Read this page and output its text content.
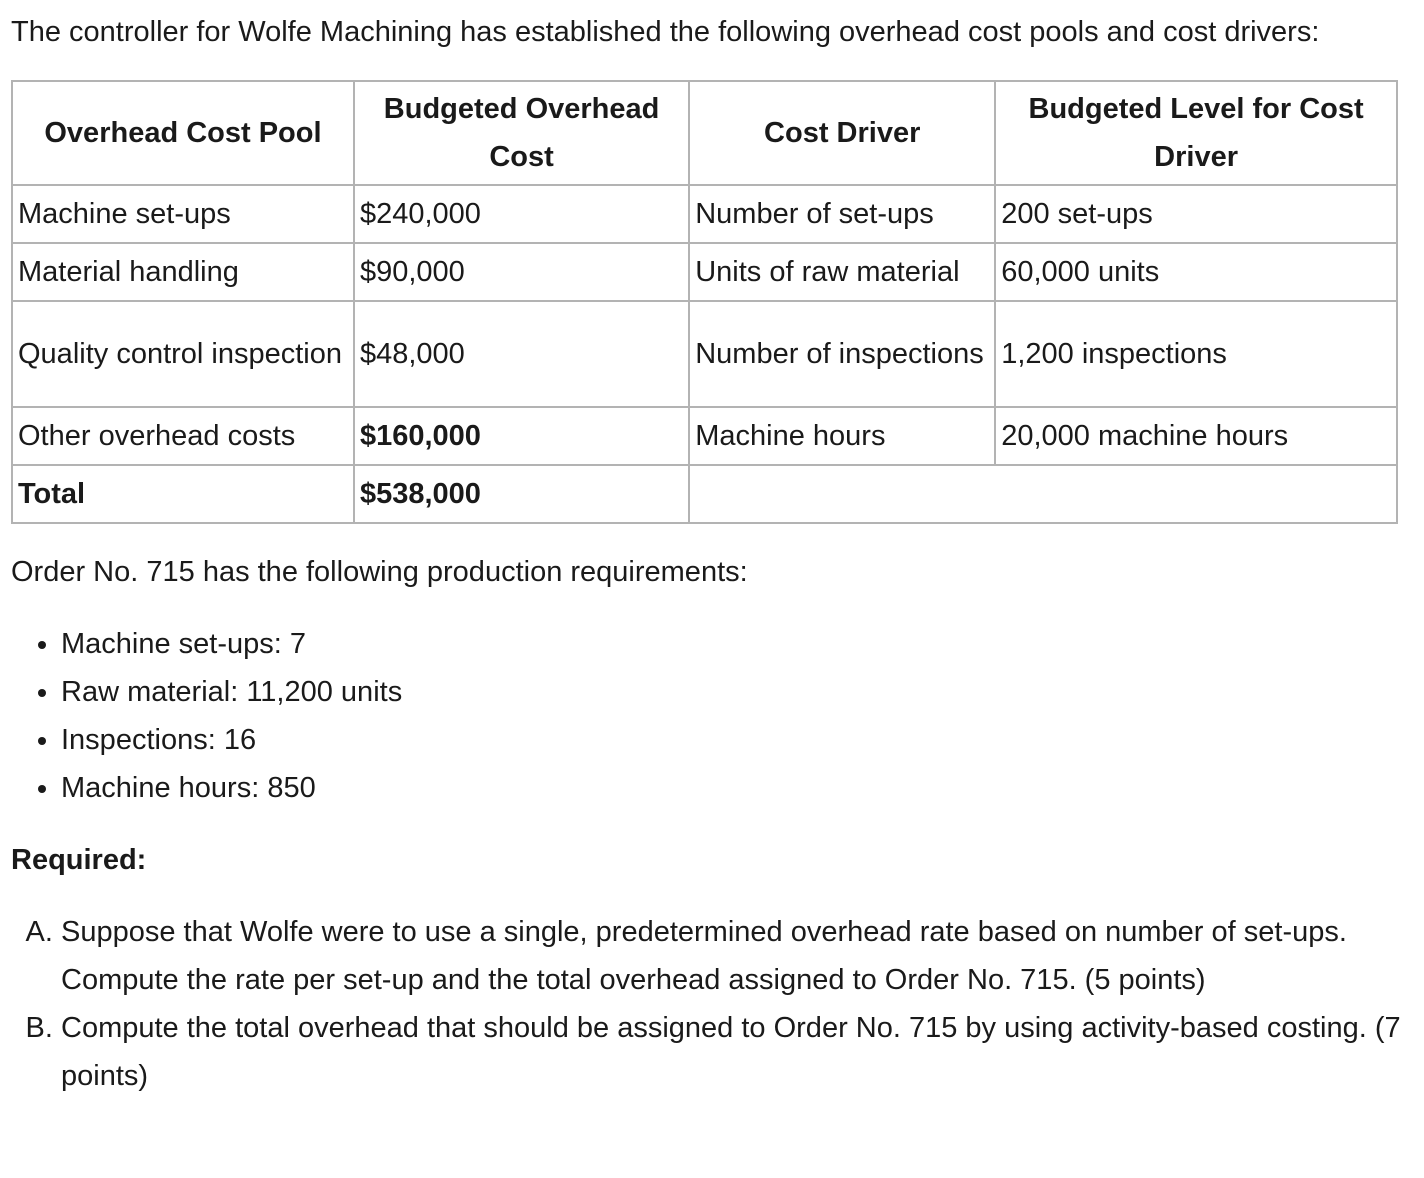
The controller for Wolfe Machining has established the following overhead cost pools and cost drivers:

Overhead Cost Pool	Budgeted Overhead Cost	Cost Driver	Budgeted Level for Cost Driver
Machine set-ups	$240,000	Number of set-ups	200 set-ups
Material handling	$90,000	Units of raw material	60,000 units
Quality control inspection	$48,000	Number of inspections	1,200 inspections
Other overhead costs	$160,000	Machine hours	20,000 machine hours
Total	$538,000		

Order No. 715 has the following production requirements:

• Machine set-ups: 7
• Raw material: 11,200 units
• Inspections: 16
• Machine hours: 850

Required:

A. Suppose that Wolfe were to use a single, predetermined overhead rate based on number of set-ups. Compute the rate per set-up and the total overhead assigned to Order No. 715. (5 points)
B. Compute the total overhead that should be assigned to Order No. 715 by using activity-based costing. (7 points)
